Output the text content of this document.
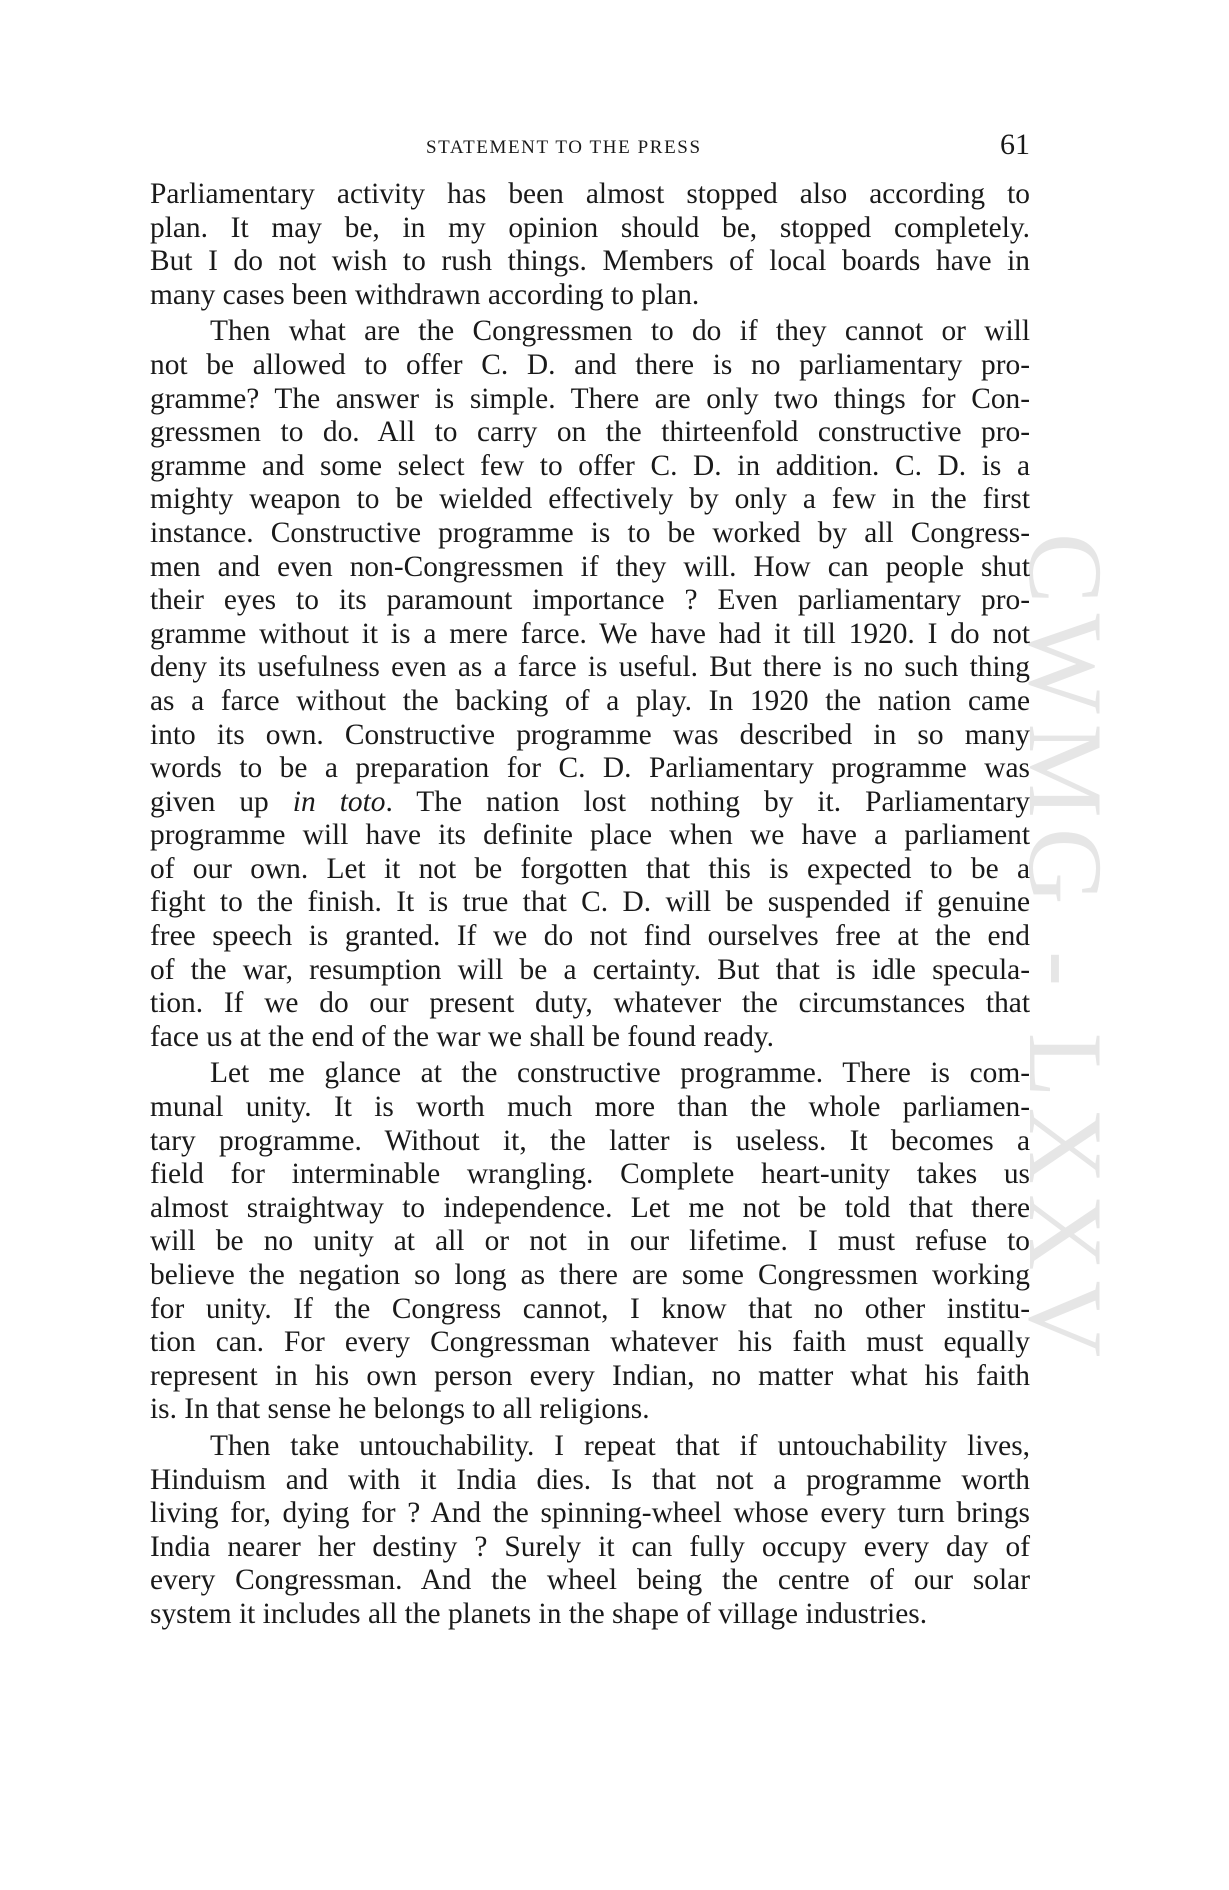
CWMG - LXXV
STATEMENT TO THE PRESS	61
Parliamentary activity has been almost stopped also according to
plan. It may be, in my opinion should be, stopped completely.
But I do not wish to rush things. Members of local boards have in
many cases been withdrawn according to plan.
Then what are the Congressmen to do if they cannot or will
not be allowed to offer C. D. and there is no parliamentary pro-
gramme? The answer is simple. There are only two things for Con-
gressmen to do. All to carry on the thirteenfold constructive pro-
gramme and some select few to offer C. D. in addition. C. D. is a
mighty weapon to be wielded effectively by only a few in the first
instance. Constructive programme is to be worked by all Congress-
men and even non-Congressmen if they will. How can people shut
their eyes to its paramount importance ? Even parliamentary pro-
gramme without it is a mere farce. We have had it till 1920. I do not
deny its usefulness even as a farce is useful. But there is no such thing
as a farce without the backing of a play. In 1920 the nation came
into its own. Constructive programme was described in so many
words to be a preparation for C. D. Parliamentary programme was
given up in toto. The nation lost nothing by it. Parliamentary
programme will have its definite place when we have a parliament
of our own. Let it not be forgotten that this is expected to be a
fight to the finish. It is true that C. D. will be suspended if genuine
free speech is granted. If we do not find ourselves free at the end
of the war, resumption will be a certainty. But that is idle specula-
tion. If we do our present duty, whatever the circumstances that
face us at the end of the war we shall be found ready.
Let me glance at the constructive programme. There is com-
munal unity. It is worth much more than the whole parliamen-
tary programme. Without it, the latter is useless. It becomes a
field for interminable wrangling. Complete heart-unity takes us
almost straightway to independence. Let me not be told that there
will be no unity at all or not in our lifetime. I must refuse to
believe the negation so long as there are some Congressmen working
for unity. If the Congress cannot, I know that no other institu-
tion can. For every Congressman whatever his faith must equally
represent in his own person every Indian, no matter what his faith
is. In that sense he belongs to all religions.
Then take untouchability. I repeat that if untouchability lives,
Hinduism and with it India dies. Is that not a programme worth
living for, dying for ? And the spinning-wheel whose every turn brings
India nearer her destiny ? Surely it can fully occupy every day of
every Congressman. And the wheel being the centre of our solar
system it includes all the planets in the shape of village industries.
